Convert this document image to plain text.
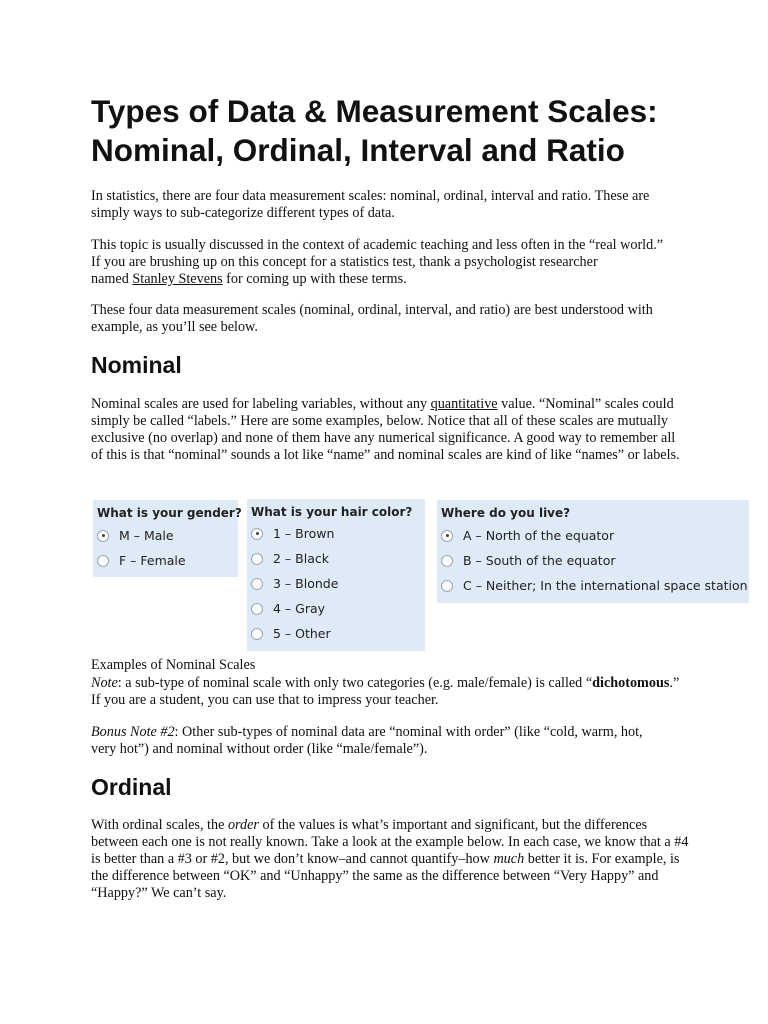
Types of Data & Measurement Scales: Nominal, Ordinal, Interval and Ratio

In statistics, there are four data measurement scales: nominal, ordinal, interval and ratio. These are simply ways to sub-categorize different types of data.

This topic is usually discussed in the context of academic teaching and less often in the “real world.”
If you are brushing up on this concept for a statistics test, thank a psychologist researcher
named Stanley Stevens for coming up with these terms.

These four data measurement scales (nominal, ordinal, interval, and ratio) are best understood with example, as you’ll see below.

Nominal

Nominal scales are used for labeling variables, without any quantitative value. “Nominal” scales could simply be called “labels.” Here are some examples, below. Notice that all of these scales are mutually exclusive (no overlap) and none of them have any numerical significance. A good way to remember all of this is that “nominal” sounds a lot like “name” and nominal scales are kind of like “names” or labels.

What is your gender?
M – Male
F – Female
What is your hair color?
1 – Brown
2 – Black
3 – Blonde
4 – Gray
5 – Other
Where do you live?
A – North of the equator
B – South of the equator
C – Neither; In the international space station

Examples of Nominal Scales

Note: a sub-type of nominal scale with only two categories (e.g. male/female) is called “dichotomous.” If you are a student, you can use that to impress your teacher.

Bonus Note #2: Other sub-types of nominal data are “nominal with order” (like “cold, warm, hot, very hot”) and nominal without order (like “male/female”).

Ordinal

With ordinal scales, the order of the values is what’s important and significant, but the differences between each one is not really known. Take a look at the example below. In each case, we know that a #4 is better than a #3 or #2, but we don’t know–and cannot quantify–how much better it is. For example, is the difference between “OK” and “Unhappy” the same as the difference between “Very Happy” and “Happy?” We can’t say.
